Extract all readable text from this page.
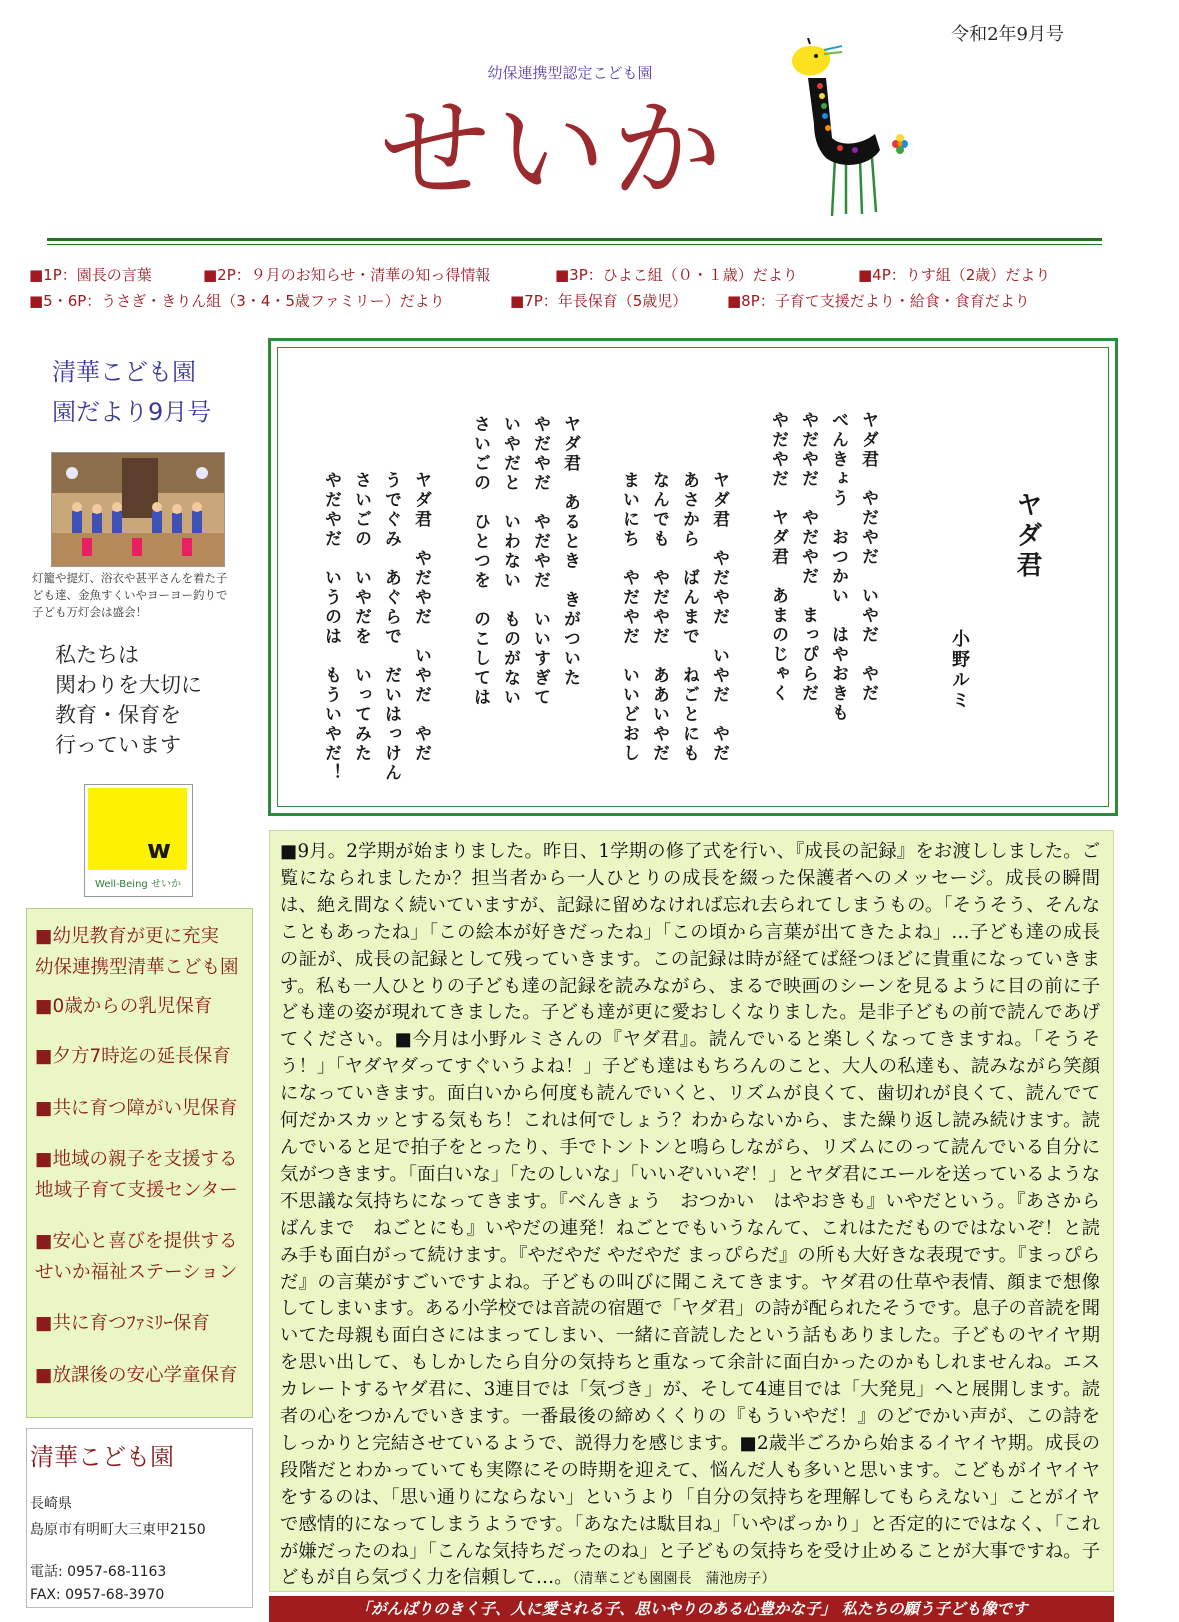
令和2年9月号
幼保連携型認定こども園
せいか
■1P：園長の言葉	■2P：９月のお知らせ・清華の知っ得情報	■3P：ひよこ組（０・１歳）だより	■4P：りす組（2歳）だより
■5・6P：うさぎ・きりん組（3・4・5歳ファミリー）だより	■7P：年長保育（5歳児）	■8P：子育て支援だより・給食・食育だより
清華こども園
園だより9月号
灯籠や提灯、浴衣や甚平さんを着た子ども達、金魚すくいやヨーヨー釣りで子ども万灯会は盛会！
私たちは
関わりを大切に
教育・保育を
行っています
w
Well-Being せいか
■幼児教育が更に充実
幼保連携型清華こども園
■0歳からの乳児保育
■夕方7時迄の延長保育
■共に育つ障がい児保育
■地域の親子を支援する
地域子育て支援センター
■安心と喜びを提供する
せいか福祉ステーション
■共に育つﾌｧﾐﾘｰ保育
■放課後の安心学童保育
清華こども園
長崎県
島原市有明町大三東甲2150
電話: 0957-68-1163
FAX: 0957-68-3970
ヤダ君
小野ルミ
ヤダ君　やだやだ　いやだ　やだ
べんきょう　おつかい　はやおきも
やだやだ　やだやだ　まっぴらだ
やだやだ　ヤダ君　あまのじゃく
ヤダ君　やだやだ　いやだ　やだ
あさから　ばんまで　ねごとにも
なんでも　やだやだ　ああいやだ
まいにち　やだやだ　いいどおし
ヤダ君　あるとき　きがついた
やだやだ　やだやだ　いいすぎて
いやだと　いわない　ものがない
さいごの　ひとつを　のこしては
ヤダ君　やだやだ　いやだ　やだ
うでぐみ　あぐらで　だいはっけん
さいごの　いやだを　いってみた
やだやだ　いうのは　もういやだ！

■9月。2学期が始まりました。昨日、1学期の修了式を行い、『成長の記録』をお渡ししました。ご覧になられましたか？担当者から一人ひとりの成長を綴った保護者へのメッセージ。成長の瞬間は、絶え間なく続いていますが、記録に留めなければ忘れ去られてしまうもの。「そうそう、そんなこともあったね」「この絵本が好きだったね」「この頃から言葉が出てきたよね」…子ども達の成長の証が、成長の記録として残っていきます。この記録は時が経てば経つほどに貴重になっていきます。私も一人ひとりの子ども達の記録を読みながら、まるで映画のシーンを見るように目の前に子ども達の姿が現れてきました。子ども達が更に愛おしくなりました。是非子どもの前で読んであげてください。■今月は小野ルミさんの『ヤダ君』。読んでいると楽しくなってきますね。「そうそう！」「ヤダヤダってすぐいうよね！」子ども達はもちろんのこと、大人の私達も、読みながら笑顔になっていきます。面白いから何度も読んでいくと、リズムが良くて、歯切れが良くて、読んでて何だかスカッとする気もち！これは何でしょう？わからないから、また繰り返し読み続けます。読んでいると足で拍子をとったり、手でトントンと鳴らしながら、リズムにのって読んでいる自分に気がつきます。「面白いな」「たのしいな」「いいぞいいぞ！」とヤダ君にエールを送っているような不思議な気持ちになってきます。『べんきょう　おつかい　はやおきも』いやだという。『あさから　ばんまで　ねごとにも』いやだの連発！ねごとでもいうなんて、これはただものではないぞ！と読み手も面白がって続けます。『やだやだ やだやだ まっぴらだ』の所も大好きな表現です。『まっぴらだ』の言葉がすごいですよね。子どもの叫びに聞こえてきます。ヤダ君の仕草や表情、顔まで想像してしまいます。ある小学校では音読の宿題で「ヤダ君」の詩が配られたそうです。息子の音読を聞いてた母親も面白さにはまってしまい、一緒に音読したという話もありました。子どものヤイヤ期を思い出して、もしかしたら自分の気持ちと重なって余計に面白かったのかもしれませんね。エスカレートするヤダ君に、3連目では「気づき」が、そして4連目では「大発見」へと展開します。読者の心をつかんでいきます。一番最後の締めくくりの『もういやだ！』のどでかい声が、この詩をしっかりと完結させているようで、説得力を感じます。■2歳半ごろから始まるイヤイヤ期。成長の段階だとわかっていても実際にその時期を迎えて、悩んだ人も多いと思います。こどもがイヤイヤをするのは、「思い通りにならない」というより「自分の気持ちを理解してもらえない」ことがイヤで感情的になってしまうようです。「あなたは駄目ね」「いやばっかり」と否定的にではなく、「これが嫌だったのね」「こんな気持ちだったのね」と子どもの気持ちを受け止めることが大事ですね。子どもが自ら気づく力を信頼して…。（清華こども園園長　蒲池房子）

「がんばりのきく子、人に愛される子、思いやりのある心豊かな子」 私たちの願う子ども像です
